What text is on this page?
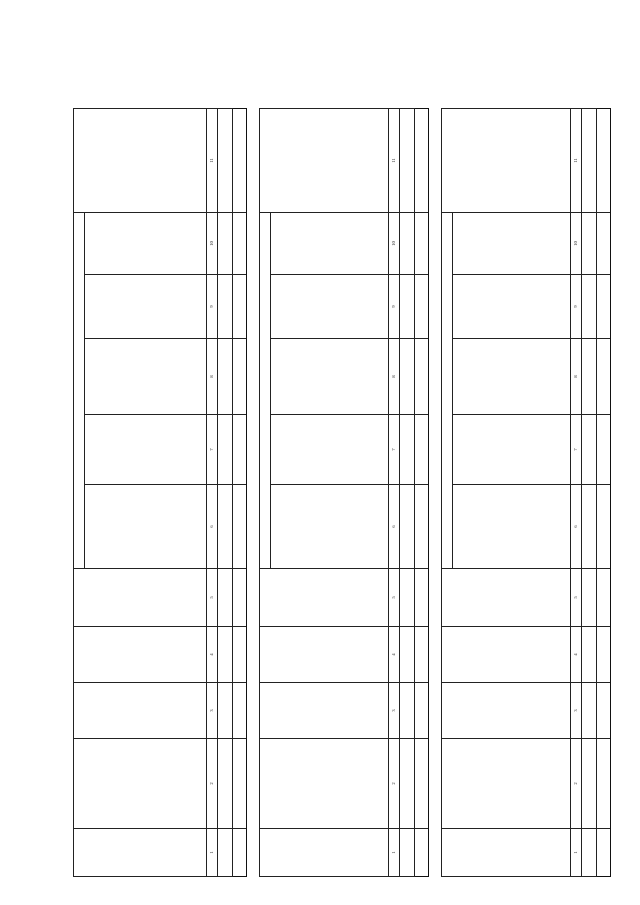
1	2	3	4	5	6	7	8	9	10	11

1	2	3	4	5	6	7	8	9	10	11

1	2	3	4	5	6	7	8	9	10	11
